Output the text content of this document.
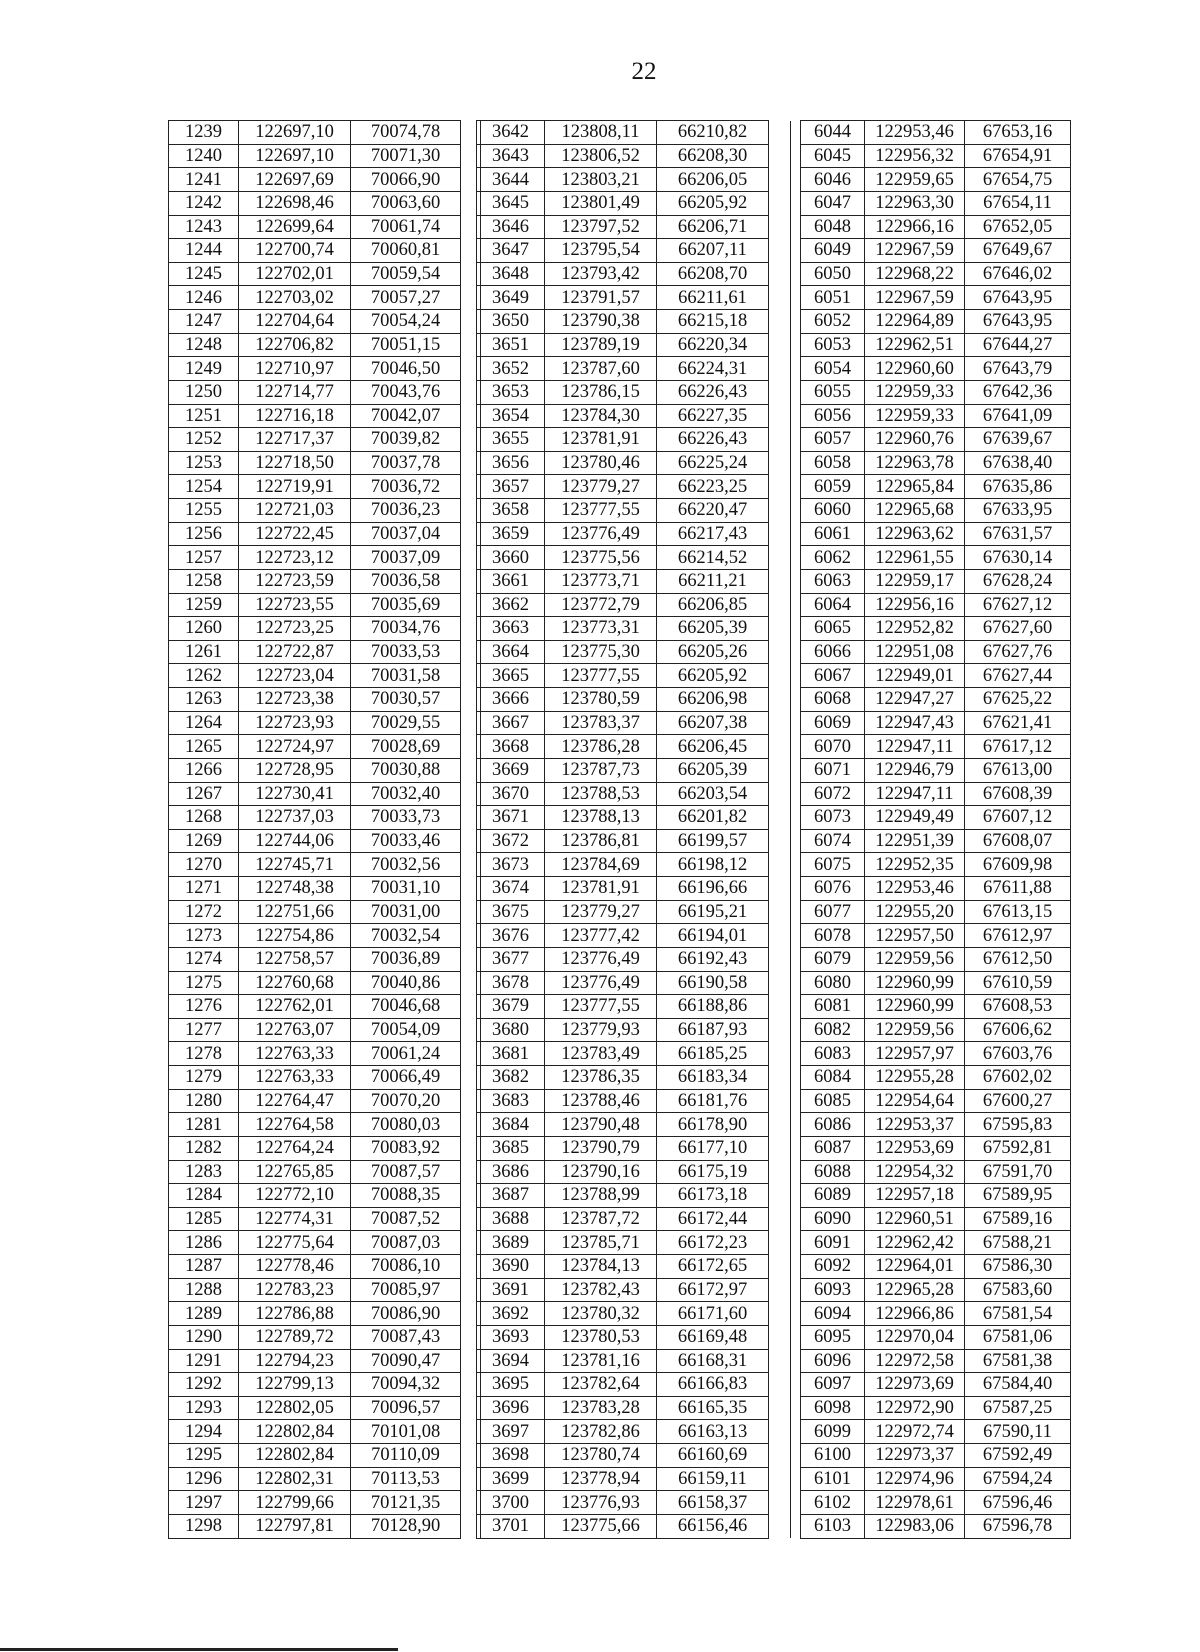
22
1239	122697,10	70074,78	
1240	122697,10	70071,30	
1241	122697,69	70066,90	
1242	122698,46	70063,60	
1243	122699,64	70061,74	
1244	122700,74	70060,81	
1245	122702,01	70059,54	
1246	122703,02	70057,27	
1247	122704,64	70054,24	
1248	122706,82	70051,15	
1249	122710,97	70046,50	
1250	122714,77	70043,76	
1251	122716,18	70042,07	
1252	122717,37	70039,82	
1253	122718,50	70037,78	
1254	122719,91	70036,72	
1255	122721,03	70036,23	
1256	122722,45	70037,04	
1257	122723,12	70037,09	
1258	122723,59	70036,58	
1259	122723,55	70035,69	
1260	122723,25	70034,76	
1261	122722,87	70033,53	
1262	122723,04	70031,58	
1263	122723,38	70030,57	
1264	122723,93	70029,55	
1265	122724,97	70028,69	
1266	122728,95	70030,88	
1267	122730,41	70032,40	
1268	122737,03	70033,73	
1269	122744,06	70033,46	
1270	122745,71	70032,56	
1271	122748,38	70031,10	
1272	122751,66	70031,00	
1273	122754,86	70032,54	
1274	122758,57	70036,89	
1275	122760,68	70040,86	
1276	122762,01	70046,68	
1277	122763,07	70054,09	
1278	122763,33	70061,24	
1279	122763,33	70066,49	
1280	122764,47	70070,20	
1281	122764,58	70080,03	
1282	122764,24	70083,92	
1283	122765,85	70087,57	
1284	122772,10	70088,35	
1285	122774,31	70087,52	
1286	122775,64	70087,03	
1287	122778,46	70086,10	
1288	122783,23	70085,97	
1289	122786,88	70086,90	
1290	122789,72	70087,43	
1291	122794,23	70090,47	
1292	122799,13	70094,32	
1293	122802,05	70096,57	
1294	122802,84	70101,08	
1295	122802,84	70110,09	
1296	122802,31	70113,53	
1297	122799,66	70121,35	
1298	122797,81	70128,90	
3642	123808,11	66210,82	
3643	123806,52	66208,30	
3644	123803,21	66206,05	
3645	123801,49	66205,92	
3646	123797,52	66206,71	
3647	123795,54	66207,11	
3648	123793,42	66208,70	
3649	123791,57	66211,61	
3650	123790,38	66215,18	
3651	123789,19	66220,34	
3652	123787,60	66224,31	
3653	123786,15	66226,43	
3654	123784,30	66227,35	
3655	123781,91	66226,43	
3656	123780,46	66225,24	
3657	123779,27	66223,25	
3658	123777,55	66220,47	
3659	123776,49	66217,43	
3660	123775,56	66214,52	
3661	123773,71	66211,21	
3662	123772,79	66206,85	
3663	123773,31	66205,39	
3664	123775,30	66205,26	
3665	123777,55	66205,92	
3666	123780,59	66206,98	
3667	123783,37	66207,38	
3668	123786,28	66206,45	
3669	123787,73	66205,39	
3670	123788,53	66203,54	
3671	123788,13	66201,82	
3672	123786,81	66199,57	
3673	123784,69	66198,12	
3674	123781,91	66196,66	
3675	123779,27	66195,21	
3676	123777,42	66194,01	
3677	123776,49	66192,43	
3678	123776,49	66190,58	
3679	123777,55	66188,86	
3680	123779,93	66187,93	
3681	123783,49	66185,25	
3682	123786,35	66183,34	
3683	123788,46	66181,76	
3684	123790,48	66178,90	
3685	123790,79	66177,10	
3686	123790,16	66175,19	
3687	123788,99	66173,18	
3688	123787,72	66172,44	
3689	123785,71	66172,23	
3690	123784,13	66172,65	
3691	123782,43	66172,97	
3692	123780,32	66171,60	
3693	123780,53	66169,48	
3694	123781,16	66168,31	
3695	123782,64	66166,83	
3696	123783,28	66165,35	
3697	123782,86	66163,13	
3698	123780,74	66160,69	
3699	123778,94	66159,11	
3700	123776,93	66158,37	
3701	123775,66	66156,46	
6044	122953,46	67653,16
6045	122956,32	67654,91
6046	122959,65	67654,75
6047	122963,30	67654,11
6048	122966,16	67652,05
6049	122967,59	67649,67
6050	122968,22	67646,02
6051	122967,59	67643,95
6052	122964,89	67643,95
6053	122962,51	67644,27
6054	122960,60	67643,79
6055	122959,33	67642,36
6056	122959,33	67641,09
6057	122960,76	67639,67
6058	122963,78	67638,40
6059	122965,84	67635,86
6060	122965,68	67633,95
6061	122963,62	67631,57
6062	122961,55	67630,14
6063	122959,17	67628,24
6064	122956,16	67627,12
6065	122952,82	67627,60
6066	122951,08	67627,76
6067	122949,01	67627,44
6068	122947,27	67625,22
6069	122947,43	67621,41
6070	122947,11	67617,12
6071	122946,79	67613,00
6072	122947,11	67608,39
6073	122949,49	67607,12
6074	122951,39	67608,07
6075	122952,35	67609,98
6076	122953,46	67611,88
6077	122955,20	67613,15
6078	122957,50	67612,97
6079	122959,56	67612,50
6080	122960,99	67610,59
6081	122960,99	67608,53
6082	122959,56	67606,62
6083	122957,97	67603,76
6084	122955,28	67602,02
6085	122954,64	67600,27
6086	122953,37	67595,83
6087	122953,69	67592,81
6088	122954,32	67591,70
6089	122957,18	67589,95
6090	122960,51	67589,16
6091	122962,42	67588,21
6092	122964,01	67586,30
6093	122965,28	67583,60
6094	122966,86	67581,54
6095	122970,04	67581,06
6096	122972,58	67581,38
6097	122973,69	67584,40
6098	122972,90	67587,25
6099	122972,74	67590,11
6100	122973,37	67592,49
6101	122974,96	67594,24
6102	122978,61	67596,46
6103	122983,06	67596,78
